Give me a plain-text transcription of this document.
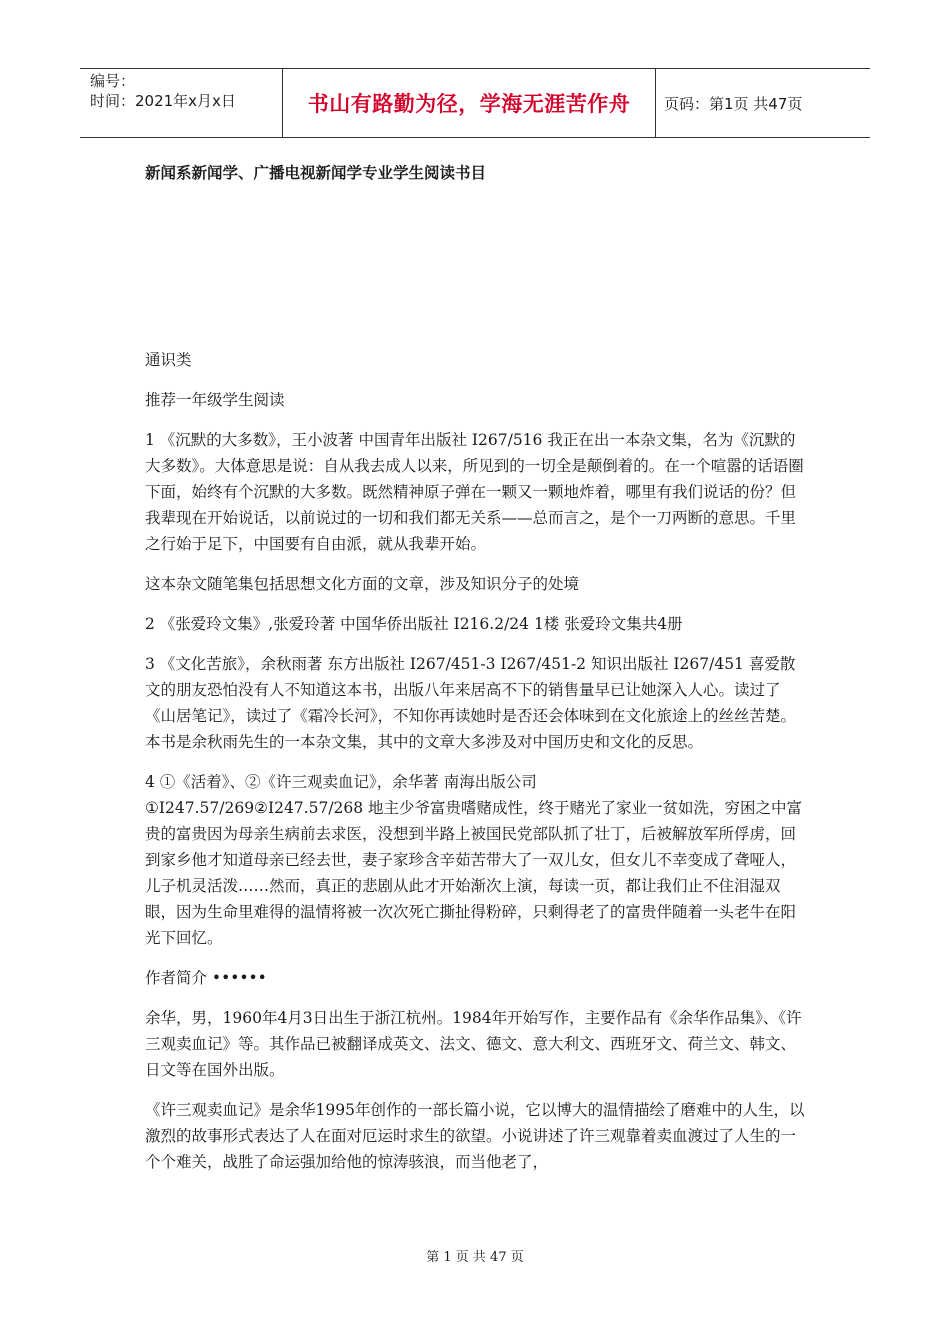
编号：
时间：2021年x月x日	书山有路勤为径，学海无涯苦作舟	页码：第1页 共47页
新闻系新闻学、广播电视新闻学专业学生阅读书目

通识类

推荐一年级学生阅读

1 《沉默的大多数》，王小波著 中国青年出版社 I267/516 我正在出一本杂文集，名为《沉默的大多数》。大体意思是说：自从我去成人以来，所见到的一切全是颠倒着的。在一个喧嚣的话语圈下面，始终有个沉默的大多数。既然精神原子弹在一颗又一颗地炸着，哪里有我们说话的份？但我辈现在开始说话，以前说过的一切和我们都无关系——总而言之，是个一刀两断的意思。千里之行始于足下，中国要有自由派，就从我辈开始。

这本杂文随笔集包括思想文化方面的文章，涉及知识分子的处境

2 《张爱玲文集》,张爱玲著 中国华侨出版社 I216.2/24 1楼 张爱玲文集共4册

3 《文化苦旅》，余秋雨著 东方出版社 I267/451-3 I267/451-2 知识出版社 I267/451 喜爱散文的朋友恐怕没有人不知道这本书，出版八年来居高不下的销售量早已让她深入人心。读过了《山居笔记》，读过了《霜冷长河》，不知你再读她时是否还会体味到在文化旅途上的丝丝苦楚。本书是余秋雨先生的一本杂文集，其中的文章大多涉及对中国历史和文化的反思。

4 ①《活着》、②《许三观卖血记》，余华著 南海出版公司

①I247.57/269②I247.57/268 地主少爷富贵嗜赌成性，终于赌光了家业一贫如洗，穷困之中富贵的富贵因为母亲生病前去求医，没想到半路上被国民党部队抓了壮丁，后被解放军所俘虏，回到家乡他才知道母亲已经去世，妻子家珍含辛茹苦带大了一双儿女，但女儿不幸变成了聋哑人，儿子机灵活泼……然而，真正的悲剧从此才开始渐次上演，每读一页，都让我们止不住泪湿双眼，因为生命里难得的温情将被一次次死亡撕扯得粉碎，只剩得老了的富贵伴随着一头老牛在阳光下回忆。

作者简介 ••••••

余华，男，1960年4月3日出生于浙江杭州。1984年开始写作，主要作品有《余华作品集》、《许三观卖血记》等。其作品已被翻译成英文、法文、德文、意大利文、西班牙文、荷兰文、韩文、日文等在国外出版。

《许三观卖血记》是余华1995年创作的一部长篇小说，它以博大的温情描绘了磨难中的人生，以激烈的故事形式表达了人在面对厄运时求生的欲望。小说讲述了许三观靠着卖血渡过了人生的一个个难关，战胜了命运强加给他的惊涛骇浪，而当他老了，

第 1 页 共 47 页
